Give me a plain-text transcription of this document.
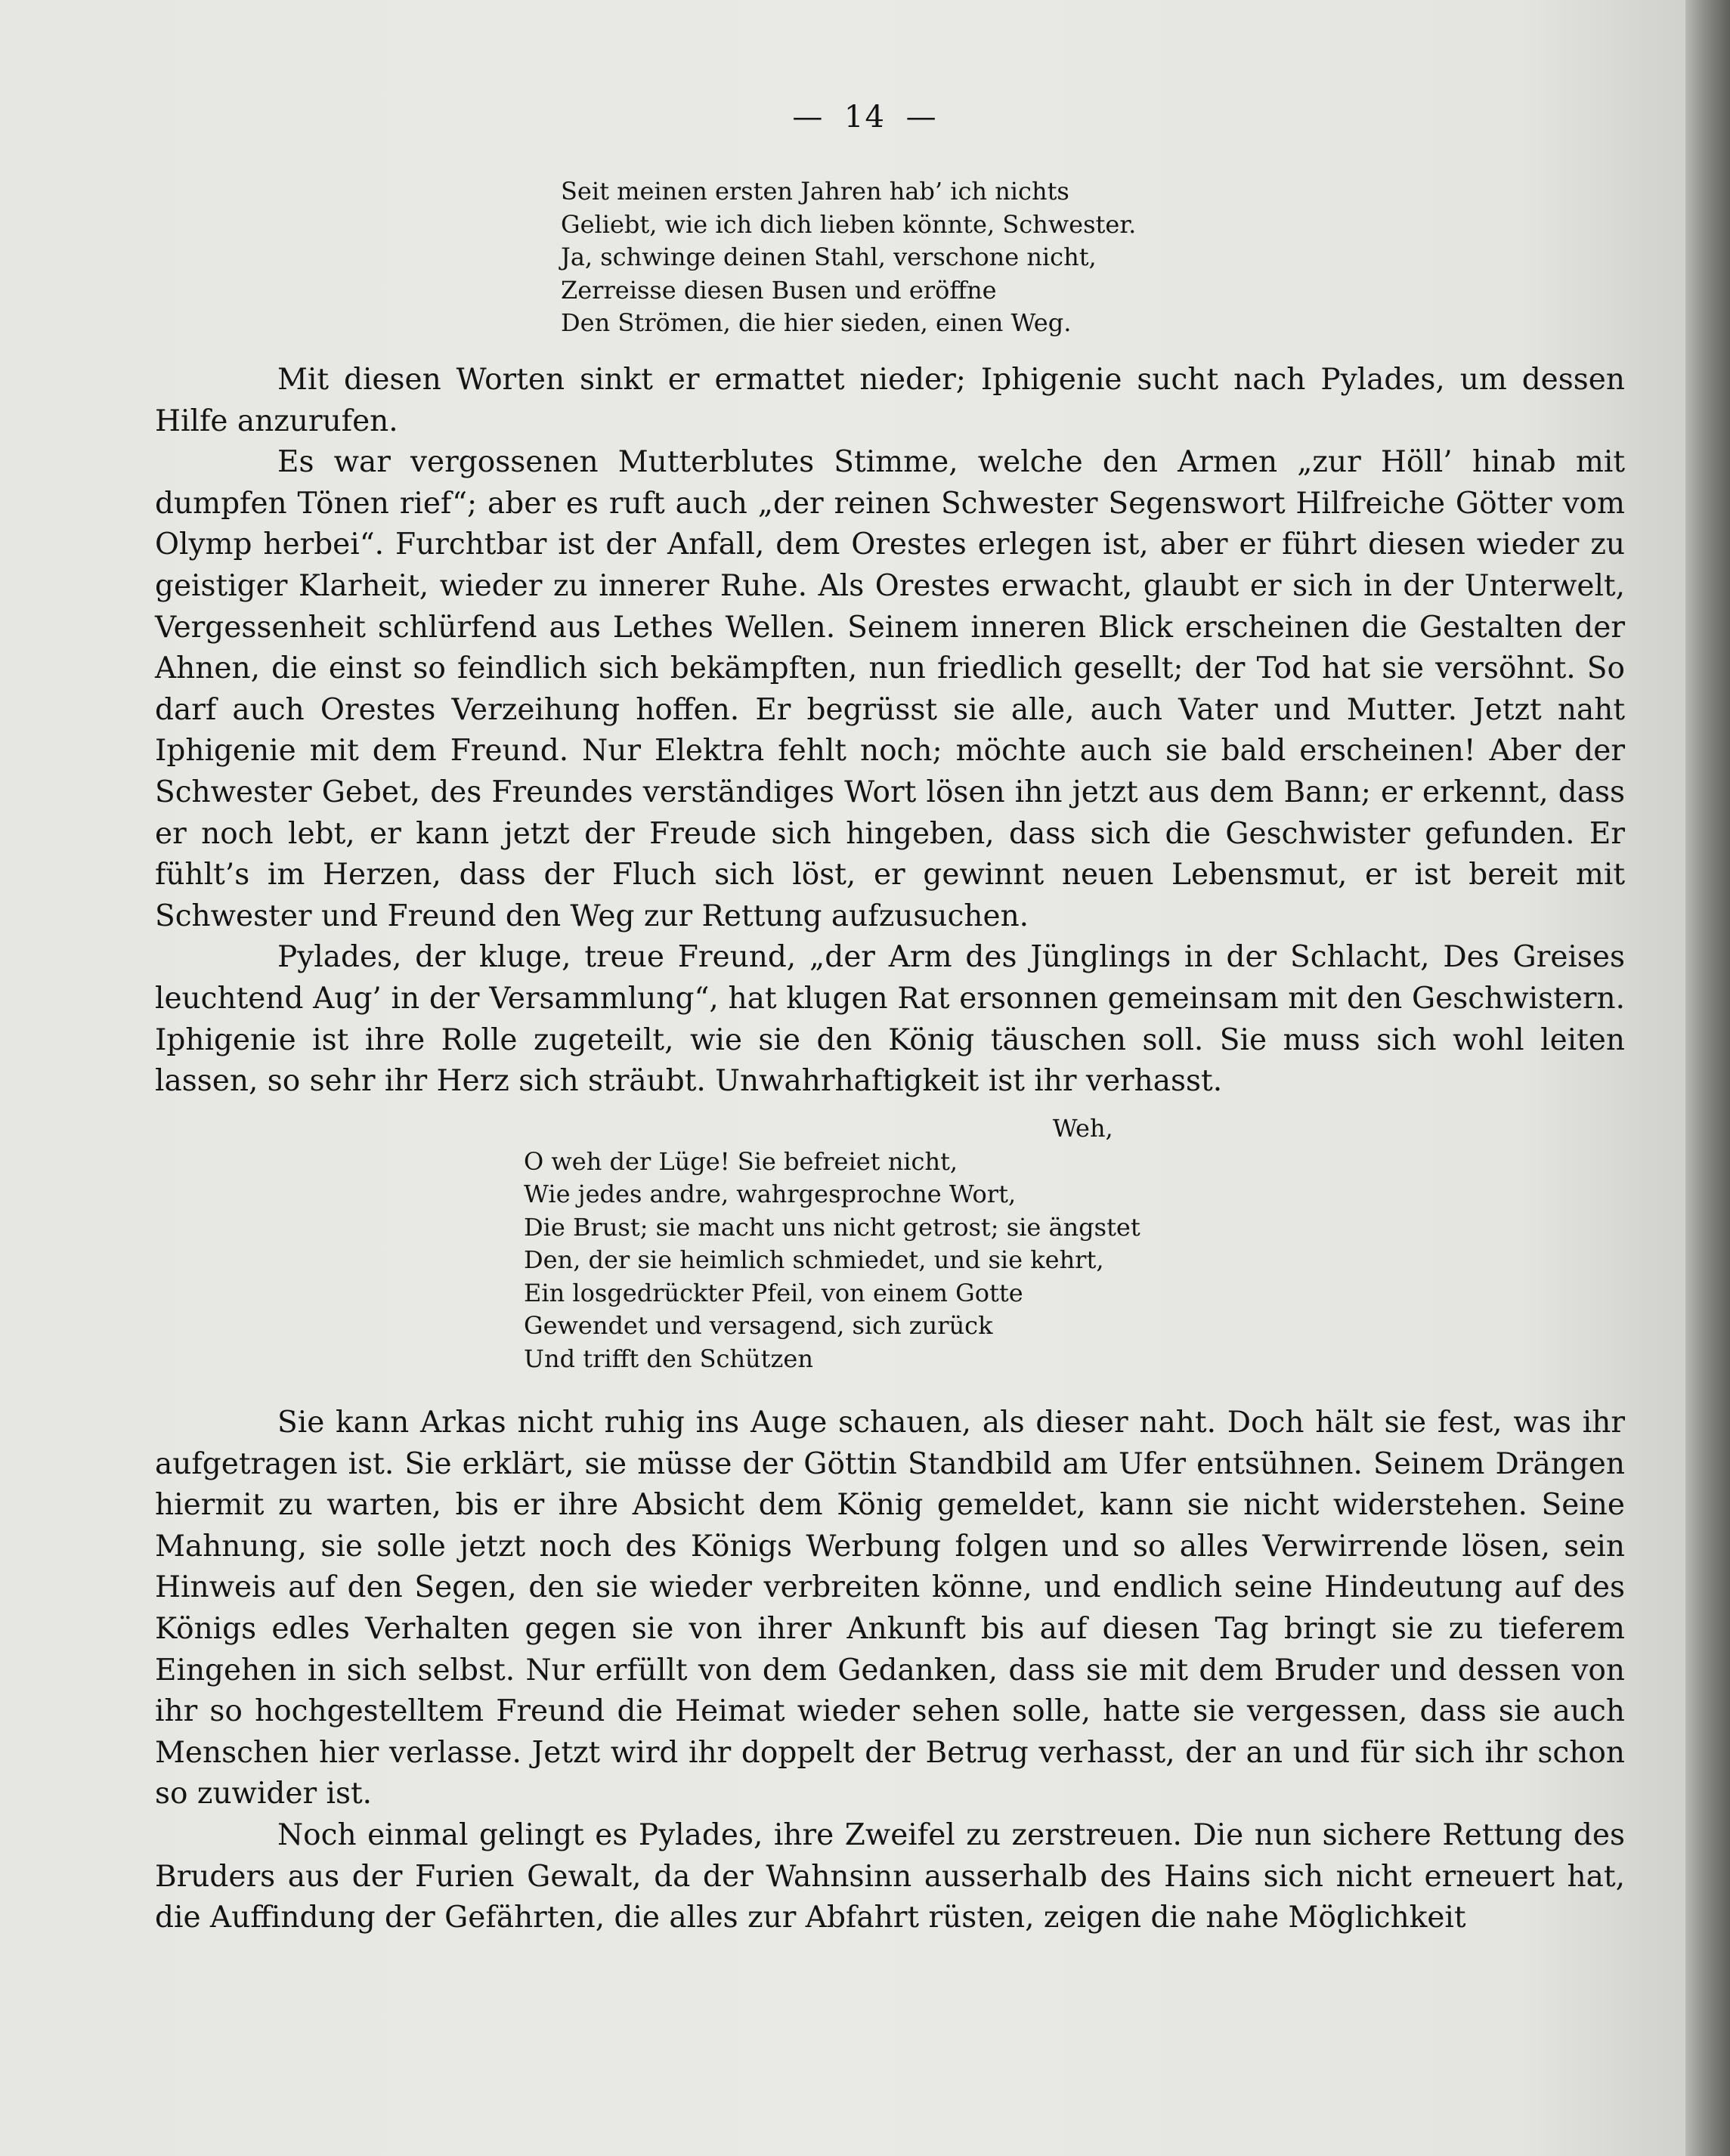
— 14 —
Seit meinen ersten Jahren hab’ ich nichts
Geliebt, wie ich dich lieben könnte, Schwester.
Ja, schwinge deinen Stahl, verschone nicht,
Zerreisse diesen Busen und eröffne
Den Strömen, die hier sieden, einen Weg.

Mit diesen Worten sinkt er ermattet nieder; Iphigenie sucht nach Pylades, um dessen Hilfe anzurufen.

Es war vergossenen Mutterblutes Stimme, welche den Armen „zur Höll’ hinab mit dumpfen Tönen rief“; aber es ruft auch „der reinen Schwester Segenswort Hilfreiche Götter vom Olymp herbei“. Furchtbar ist der Anfall, dem Orestes erlegen ist, aber er führt diesen wieder zu geistiger Klarheit, wieder zu innerer Ruhe. Als Orestes erwacht, glaubt er sich in der Unterwelt, Vergessenheit schlürfend aus Lethes Wellen. Seinem inneren Blick erscheinen die Gestalten der Ahnen, die einst so feindlich sich bekämpften, nun friedlich gesellt; der Tod hat sie versöhnt. So darf auch Orestes Verzeihung hoffen. Er begrüsst sie alle, auch Vater und Mutter. Jetzt naht Iphigenie mit dem Freund. Nur Elektra fehlt noch; möchte auch sie bald erscheinen! Aber der Schwester Gebet, des Freundes verständiges Wort lösen ihn jetzt aus dem Bann; er erkennt, dass er noch lebt, er kann jetzt der Freude sich hingeben, dass sich die Geschwister gefunden. Er fühlt’s im Herzen, dass der Fluch sich löst, er gewinnt neuen Lebensmut, er ist bereit mit Schwester und Freund den Weg zur Rettung aufzusuchen.

Pylades, der kluge, treue Freund, „der Arm des Jünglings in der Schlacht, Des Greises leuchtend Aug’ in der Versammlung“, hat klugen Rat ersonnen gemeinsam mit den Geschwistern. Iphigenie ist ihre Rolle zugeteilt, wie sie den König täuschen soll. Sie muss sich wohl leiten lassen, so sehr ihr Herz sich sträubt. Unwahrhaftigkeit ist ihr verhasst.

Weh,
O weh der Lüge! Sie befreiet nicht,
Wie jedes andre, wahrgesprochne Wort,
Die Brust; sie macht uns nicht getrost; sie ängstet
Den, der sie heimlich schmiedet, und sie kehrt,
Ein losgedrückter Pfeil, von einem Gotte
Gewendet und versagend, sich zurück
Und trifft den Schützen

Sie kann Arkas nicht ruhig ins Auge schauen, als dieser naht. Doch hält sie fest, was ihr aufgetragen ist. Sie erklärt, sie müsse der Göttin Standbild am Ufer entsühnen. Seinem Drängen hiermit zu warten, bis er ihre Absicht dem König gemeldet, kann sie nicht widerstehen. Seine Mahnung, sie solle jetzt noch des Königs Werbung folgen und so alles Verwirrende lösen, sein Hinweis auf den Segen, den sie wieder verbreiten könne, und endlich seine Hindeutung auf des Königs edles Verhalten gegen sie von ihrer Ankunft bis auf diesen Tag bringt sie zu tieferem Eingehen in sich selbst. Nur erfüllt von dem Gedanken, dass sie mit dem Bruder und dessen von ihr so hochgestelltem Freund die Heimat wieder sehen solle, hatte sie vergessen, dass sie auch Menschen hier verlasse. Jetzt wird ihr doppelt der Betrug verhasst, der an und für sich ihr schon so zuwider ist.

Noch einmal gelingt es Pylades, ihre Zweifel zu zerstreuen. Die nun sichere Rettung des Bruders aus der Furien Gewalt, da der Wahnsinn ausserhalb des Hains sich nicht erneuert hat, die Auffindung der Gefährten, die alles zur Abfahrt rüsten, zeigen die nahe Möglichkeit
